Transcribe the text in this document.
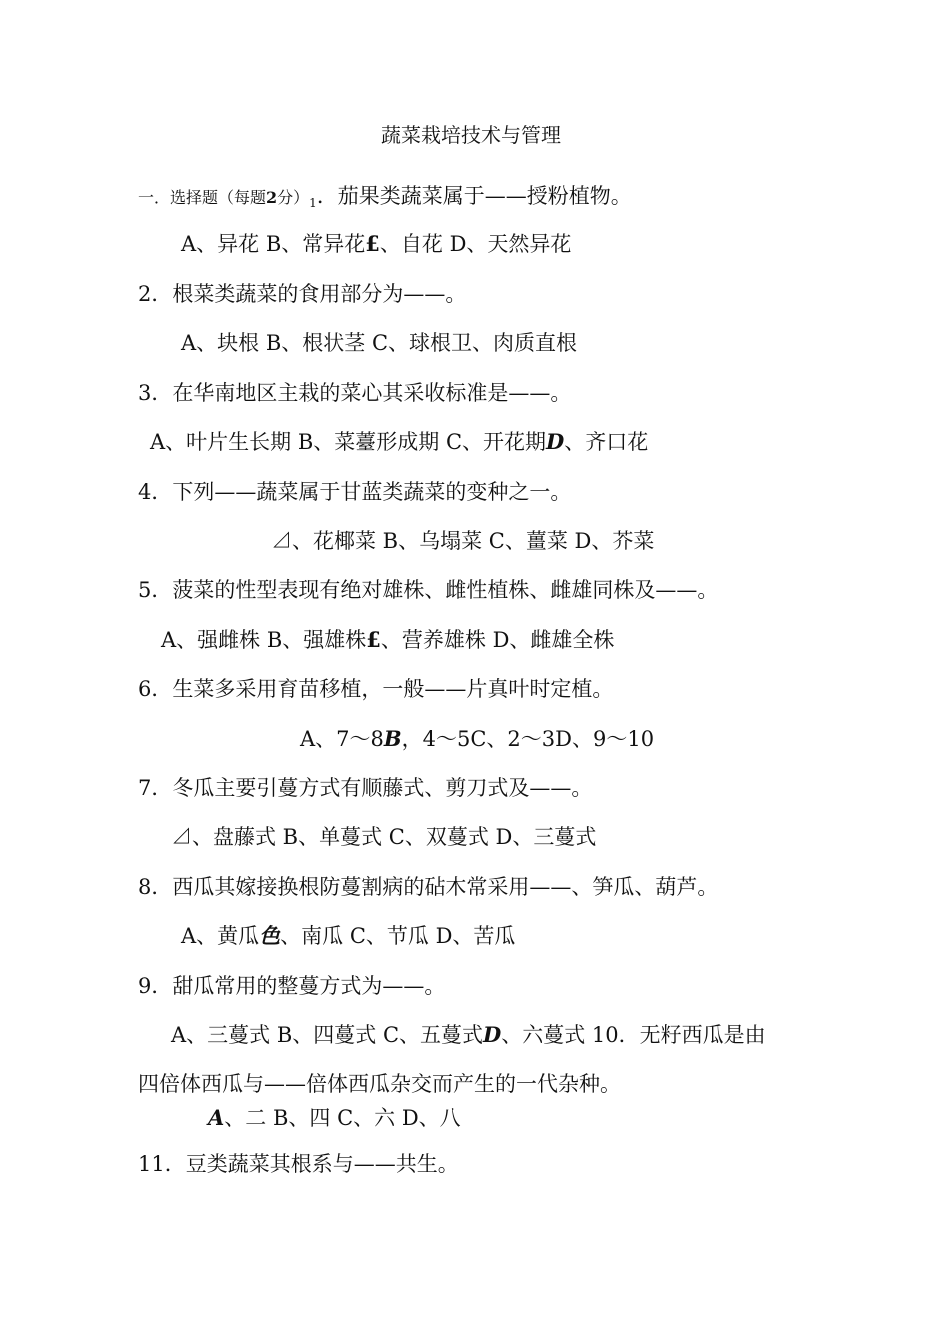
蔬菜栽培技术与管理
一．选择题（每题2分）$_1$．茄果类蔬菜属于——授粉植物。
A、异花 B、常异花£、自花 D、天然异花
2．根菜类蔬菜的食用部分为——。
A、块根 B、根状茎 C、球根卫、肉质直根
3．在华南地区主栽的菜心其采收标准是——。
A、叶片生长期 B、菜薹形成期 C、开花期D、齐口花
4．下列——蔬菜属于甘蓝类蔬菜的变种之一。
⊿、花椰菜 B、乌塌菜 C、薑菜 D、芥菜
5．菠菜的性型表现有绝对雄株、雌性植株、雌雄同株及——。
A、强雌株 B、强雄株£、营养雄株 D、雌雄全株
6．生菜多采用育苗移植，一般——片真叶时定植。
A、7〜8B，4〜5C、2〜3D、9〜10
7．冬瓜主要引蔓方式有顺藤式、剪刀式及——。
⊿、盘藤式 B、单蔓式 C、双蔓式 D、三蔓式
8．西瓜其嫁接换根防蔓割病的砧木常采用——、笋瓜、葫芦。
A、黄瓜色、南瓜 C、节瓜 D、苦瓜
9．甜瓜常用的整蔓方式为——。
A、三蔓式 B、四蔓式 C、五蔓式D、六蔓式 10．无籽西瓜是由
四倍体西瓜与——倍体西瓜杂交而产生的一代杂种。
A、二 B、四 C、六 D、八
11．豆类蔬菜其根系与——共生。
